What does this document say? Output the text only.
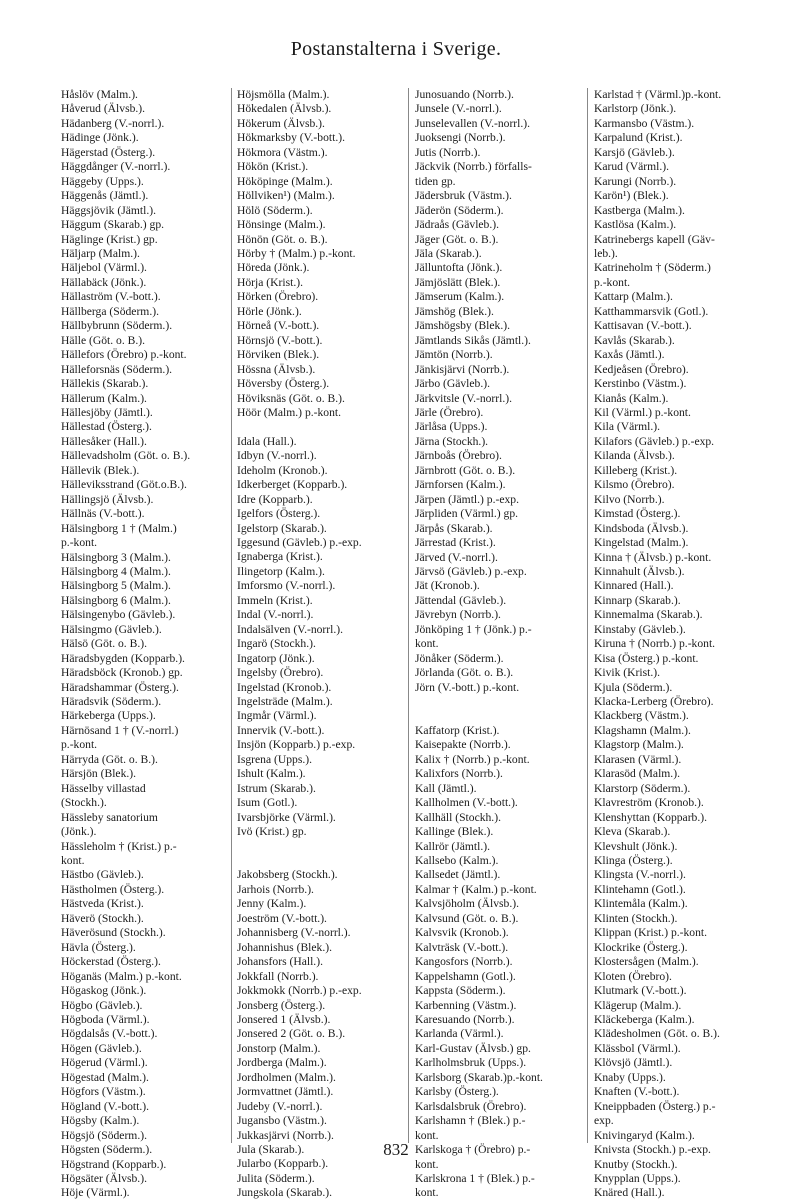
Postanstalterna i Sverige.
Håslöv (Malm.).
Håverud (Älvsb.).
Hädanberg (V.-norrl.).
Hädinge (Jönk.).
Hägerstad (Österg.).
Häggdånger (V.-norrl.).
Häggeby (Upps.).
Häggenås (Jämtl.).
Häggsjövik (Jämtl.).
Häggum (Skarab.) gp.
Häglinge (Krist.) gp.
Häljarp (Malm.).
Häljebol (Värml.).
Hällabäck (Jönk.).
Hällaström (V.-bott.).
Hällberga (Söderm.).
Hällbybrunn (Söderm.).
Hälle (Göt. o. B.).
Hällefors (Örebro) p.-kont.
Hälleforsnäs (Söderm.).
Hällekis (Skarab.).
Hällerum (Kalm.).
Hällesjöby (Jämtl.).
Hällestad (Österg.).
Hällesåker (Hall.).
Hällevadsholm (Göt. o. B.).
Hällevik (Blek.).
Hälleviksstrand (Göt.o.B.).
Hällingsjö (Älvsb.).
Hällnäs (V.-bott.).
Hälsingborg 1 † (Malm.)
p.-kont.
Hälsingborg 3 (Malm.).
Hälsingborg 4 (Malm.).
Hälsingborg 5 (Malm.).
Hälsingborg 6 (Malm.).
Hälsingenybo (Gävleb.).
Hälsingmo (Gävleb.).
Hälsö (Göt. o. B.).
Häradsbygden (Kopparb.).
Häradsböck (Kronob.) gp.
Häradshammar (Österg.).
Häradsvik (Söderm.).
Härkeberga (Upps.).
Härnösand 1 † (V.-norrl.)
p.-kont.
Härryda (Göt. o. B.).
Härsjön (Blek.).
Hässelby villastad
(Stockh.).
Hässleby sanatorium
(Jönk.).
Hässleholm † (Krist.) p.-
kont.
Hästbo (Gävleb.).
Hästholmen (Österg.).
Hästveda (Krist.).
Häverö (Stockh.).
Häverösund (Stockh.).
Hävla (Österg.).
Höckerstad (Österg.).
Höganäs (Malm.) p.-kont.
Högaskog (Jönk.).
Högbo (Gävleb.).
Högboda (Värml.).
Högdalsås (V.-bott.).
Högen (Gävleb.).
Högerud (Värml.).
Högestad (Malm.).
Högfors (Västm.).
Högland (V.-bott.).
Högsby (Kalm.).
Högsjö (Söderm.).
Högsten (Söderm.).
Högstrand (Kopparb.).
Högsäter (Älvsb.).
Höje (Värml.).
Höjsmölla (Malm.).
Hökedalen (Älvsb.).
Hökerum (Älvsb.).
Hökmarksby (V.-bott.).
Hökmora (Västm.).
Hökön (Krist.).
Hököpinge (Malm.).
Höllviken¹) (Malm.).
Hölö (Söderm.).
Hönsinge (Malm.).
Hönön (Göt. o. B.).
Hörby † (Malm.) p.-kont.
Höreda (Jönk.).
Hörja (Krist.).
Hörken (Örebro).
Hörle (Jönk.).
Hörneå (V.-bott.).
Hörnsjö (V.-bott.).
Hörviken (Blek.).
Hössna (Älvsb.).
Höversby (Österg.).
Höviksnäs (Göt. o. B.).
Höör (Malm.) p.-kont.
Idala (Hall.).
Idbyn (V.-norrl.).
Ideholm (Kronob.).
Idkerberget (Kopparb.).
Idre (Kopparb.).
Igelfors (Österg.).
Igelstorp (Skarab.).
Iggesund (Gävleb.) p.-exp.
Ignaberga (Krist.).
Ilingetorp (Kalm.).
Imforsmo (V.-norrl.).
Immeln (Krist.).
Indal (V.-norrl.).
Indalsälven (V.-norrl.).
Ingarö (Stockh.).
Ingatorp (Jönk.).
Ingelsby (Örebro).
Ingelstad (Kronob.).
Ingelsträde (Malm.).
Ingmår (Värml.).
Innervik (V.-bott.).
Insjön (Kopparb.) p.-exp.
Isgrena (Upps.).
Ishult (Kalm.).
Istrum (Skarab.).
Isum (Gotl.).
Ivarsbjörke (Värml.).
Ivö (Krist.) gp.
Jakobsberg (Stockh.).
Jarhois (Norrb.).
Jenny (Kalm.).
Joeström (V.-bott.).
Johannisberg (V.-norrl.).
Johannishus (Blek.).
Johansfors (Hall.).
Jokkfall (Norrb.).
Jokkmokk (Norrb.) p.-exp.
Jonsberg (Österg.).
Jonsered 1 (Älvsb.).
Jonsered 2 (Göt. o. B.).
Jonstorp (Malm.).
Jordberga (Malm.).
Jordholmen (Malm.).
Jormvattnet (Jämtl.).
Judeby (V.-norrl.).
Jugansbo (Västm.).
Jukkasjärvi (Norrb.).
Jula (Skarab.).
Jularbo (Kopparb.).
Julita (Söderm.).
Jungskola (Skarab.).
Junosuando (Norrb.).
Junsele (V.-norrl.).
Junselevallen (V.-norrl.).
Juoksengi (Norrb.).
Jutis (Norrb.).
Jäckvik (Norrb.) förfalls-
tiden gp.
Jädersbruk (Västm.).
Jäderön (Söderm.).
Jädraås (Gävleb.).
Jäger (Göt. o. B.).
Jäla (Skarab.).
Jälluntofta (Jönk.).
Jämjöslätt (Blek.).
Jämserum (Kalm.).
Jämshög (Blek.).
Jämshögsby (Blek.).
Jämtlands Sikås (Jämtl.).
Jämtön (Norrb.).
Jänkisjärvi (Norrb.).
Järbo (Gävleb.).
Järkvitsle (V.-norrl.).
Järle (Örebro).
Järlåsa (Upps.).
Järna (Stockh.).
Järnboås (Örebro).
Järnbrott (Göt. o. B.).
Järnforsen (Kalm.).
Järpen (Jämtl.) p.-exp.
Järpliden (Värml.) gp.
Järpås (Skarab.).
Järrestad (Krist.).
Järved (V.-norrl.).
Järvsö (Gävleb.) p.-exp.
Jät (Kronob.).
Jättendal (Gävleb.).
Jävrebyn (Norrb.).
Jönköping 1 † (Jönk.) p.-
kont.
Jönåker (Söderm.).
Jörlanda (Göt. o. B.).
Jörn (V.-bott.) p.-kont.
Kaffatorp (Krist.).
Kaisepakte (Norrb.).
Kalix † (Norrb.) p.-kont.
Kalixfors (Norrb.).
Kall (Jämtl.).
Kallholmen (V.-bott.).
Kallhäll (Stockh.).
Kallinge (Blek.).
Kallrör (Jämtl.).
Kallsebo (Kalm.).
Kallsedet (Jämtl.).
Kalmar † (Kalm.) p.-kont.
Kalvsjöholm (Älvsb.).
Kalvsund (Göt. o. B.).
Kalvsvik (Kronob.).
Kalvträsk (V.-bott.).
Kangosfors (Norrb.).
Kappelshamn (Gotl.).
Kappsta (Söderm.).
Karbenning (Västm.).
Karesuando (Norrb.).
Karlanda (Värml.).
Karl-Gustav (Älvsb.) gp.
Karlholmsbruk (Upps.).
Karlsborg (Skarab.)p.-kont.
Karlsby (Österg.).
Karlsdalsbruk (Örebro).
Karlshamn † (Blek.) p.-
kont.
Karlskoga † (Örebro) p.-
kont.
Karlskrona 1 † (Blek.) p.-
kont.
Karlstad † (Värml.)p.-kont.
Karlstorp (Jönk.).
Karmansbo (Västm.).
Karpalund (Krist.).
Karsjö (Gävleb.).
Karud (Värml.).
Karungi (Norrb.).
Karön¹) (Blek.).
Kastberga (Malm.).
Kastlösa (Kalm.).
Katrinebergs kapell (Gäv-
leb.).
Katrineholm † (Söderm.)
p.-kont.
Kattarp (Malm.).
Katthammarsvik (Gotl.).
Kattisavan (V.-bott.).
Kavlås (Skarab.).
Kaxås (Jämtl.).
Kedjeåsen (Örebro).
Kerstinbo (Västm.).
Kianås (Kalm.).
Kil (Värml.) p.-kont.
Kila (Värml.).
Kilafors (Gävleb.) p.-exp.
Kilanda (Älvsb.).
Killeberg (Krist.).
Kilsmo (Örebro).
Kilvo (Norrb.).
Kimstad (Österg.).
Kindsboda (Älvsb.).
Kingelstad (Malm.).
Kinna † (Älvsb.) p.-kont.
Kinnahult (Älvsb.).
Kinnared (Hall.).
Kinnarp (Skarab.).
Kinnemalma (Skarab.).
Kinstaby (Gävleb.).
Kiruna † (Norrb.) p.-kont.
Kisa (Österg.) p.-kont.
Kivik (Krist.).
Kjula (Söderm.).
Klacka-Lerberg (Örebro).
Klackberg (Västm.).
Klagshamn (Malm.).
Klagstorp (Malm.).
Klarasen (Värml.).
Klarasöd (Malm.).
Klarstorp (Söderm.).
Klavreström (Kronob.).
Klenshyttan (Kopparb.).
Kleva (Skarab.).
Klevshult (Jönk.).
Klinga (Österg.).
Klingsta (V.-norrl.).
Klintehamn (Gotl.).
Klintemåla (Kalm.).
Klinten (Stockh.).
Klippan (Krist.) p.-kont.
Klockrike (Österg.).
Klostersågen (Malm.).
Kloten (Örebro).
Klutmark (V.-bott.).
Klägerup (Malm.).
Kläckeberga (Kalm.).
Klädesholmen (Göt. o. B.).
Klässbol (Värml.).
Klövsjö (Jämtl.).
Knaby (Upps.).
Knaften (V.-bott.).
Kneippbaden (Österg.) p.-
exp.
Knivingaryd (Kalm.).
Knivsta (Stockh.) p.-exp.
Knutby (Stockh.).
Knypplan (Upps.).
Knäred (Hall.).
832
